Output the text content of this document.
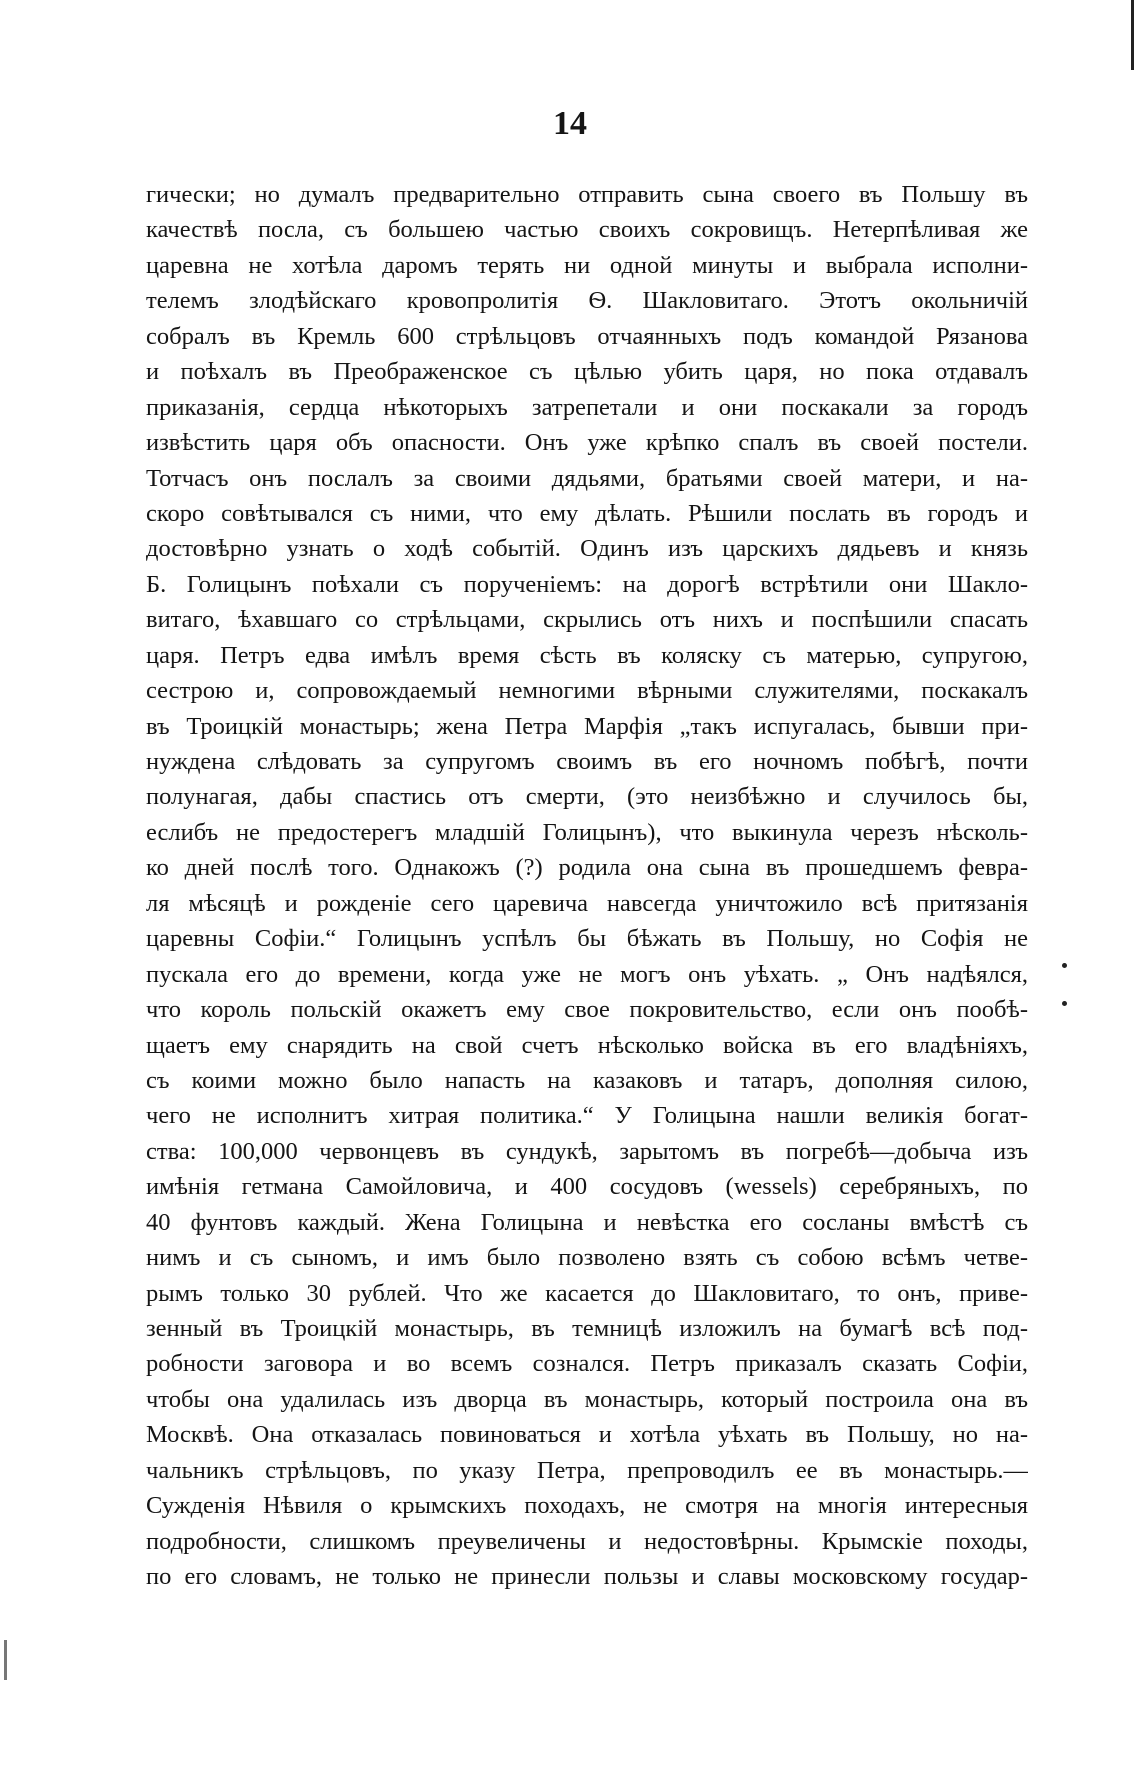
14
гически; но думалъ предварительно отправить сына своего въ Польшу въ
качествѣ посла, съ большею частью своихъ сокровищъ. Нетерпѣливая же
царевна не хотѣла даромъ терять ни одной минуты и выбрала исполни-
телемъ злодѣйскаго кровопролитія Ѳ. Шакловитаго. Этотъ окольничій
собралъ въ Кремль 600 стрѣльцовъ отчаянныхъ подъ командой Рязанова
и поѣхалъ въ Преображенское съ цѣлью убить царя, но пока отдавалъ
приказанія, сердца нѣкоторыхъ затрепетали и они поскакали за городъ
извѣстить царя объ опасности. Онъ уже крѣпко спалъ въ своей постели.
Тотчасъ онъ послалъ за своими дядьями, братьями своей матери, и на-
скоро совѣтывался съ ними, что ему дѣлать. Рѣшили послать въ городъ и
достовѣрно узнать о ходѣ событій. Одинъ изъ царскихъ дядьевъ и князь
Б. Голицынъ поѣхали съ порученіемъ: на дорогѣ встрѣтили они Шакло-
витаго, ѣхавшаго со стрѣльцами, скрылись отъ нихъ и поспѣшили спасать
царя. Петръ едва имѣлъ время сѣсть въ коляску съ матерью, супругою,
сестрою и, сопровождаемый немногими вѣрными служителями, поскакалъ
въ Троицкій монастырь; жена Петра Марфія „такъ испугалась, бывши при-
нуждена слѣдовать за супругомъ своимъ въ его ночномъ побѣгѣ, почти
полунагая, дабы спастись отъ смерти, (это неизбѣжно и случилось бы,
еслибъ не предостерегъ младшій Голицынъ), что выкинула черезъ нѣсколь-
ко дней послѣ того. Однакожъ (?) родила она сына въ прошедшемъ февра-
ля мѣсяцѣ и рожденіе сего царевича навсегда уничтожило всѣ притязанія
царевны Софіи.“ Голицынъ успѣлъ бы бѣжать въ Польшу, но Софія не
пускала его до времени, когда уже не могъ онъ уѣхать. „ Онъ надѣялся,
что король польскій окажетъ ему свое покровительство, если онъ пообѣ-
щаетъ ему снарядить на свой счетъ нѣсколько войска въ его владѣніяхъ,
съ коими можно было напасть на казаковъ и татаръ, дополняя силою,
чего не исполнитъ хитрая политика.“ У Голицына нашли великія богат-
ства: 100,000 червонцевъ въ сундукѣ, зарытомъ въ погребѣ—добыча изъ
имѣнія гетмана Самойловича, и 400 сосудовъ (wessels) серебряныхъ, по
40 фунтовъ каждый. Жена Голицына и невѣстка его сосланы вмѣстѣ съ
нимъ и съ сыномъ, и имъ было позволено взять съ собою всѣмъ четве-
рымъ только 30 рублей. Что же касается до Шакловитаго, то онъ, приве-
зенный въ Троицкій монастырь, въ темницѣ изложилъ на бумагѣ всѣ под-
робности заговора и во всемъ сознался. Петръ приказалъ сказать Софіи,
чтобы она удалилась изъ дворца въ монастырь, который построила она въ
Москвѣ. Она отказалась повиноваться и хотѣла уѣхать въ Польшу, но на-
чальникъ стрѣльцовъ, по указу Петра, препроводилъ ее въ монастырь.—
Сужденія Нѣвиля о крымскихъ походахъ, не смотря на многія интересныя
подробности, слишкомъ преувеличены и недостовѣрны. Крымскіе походы,
по его словамъ, не только не принесли пользы и славы московскому государ-
